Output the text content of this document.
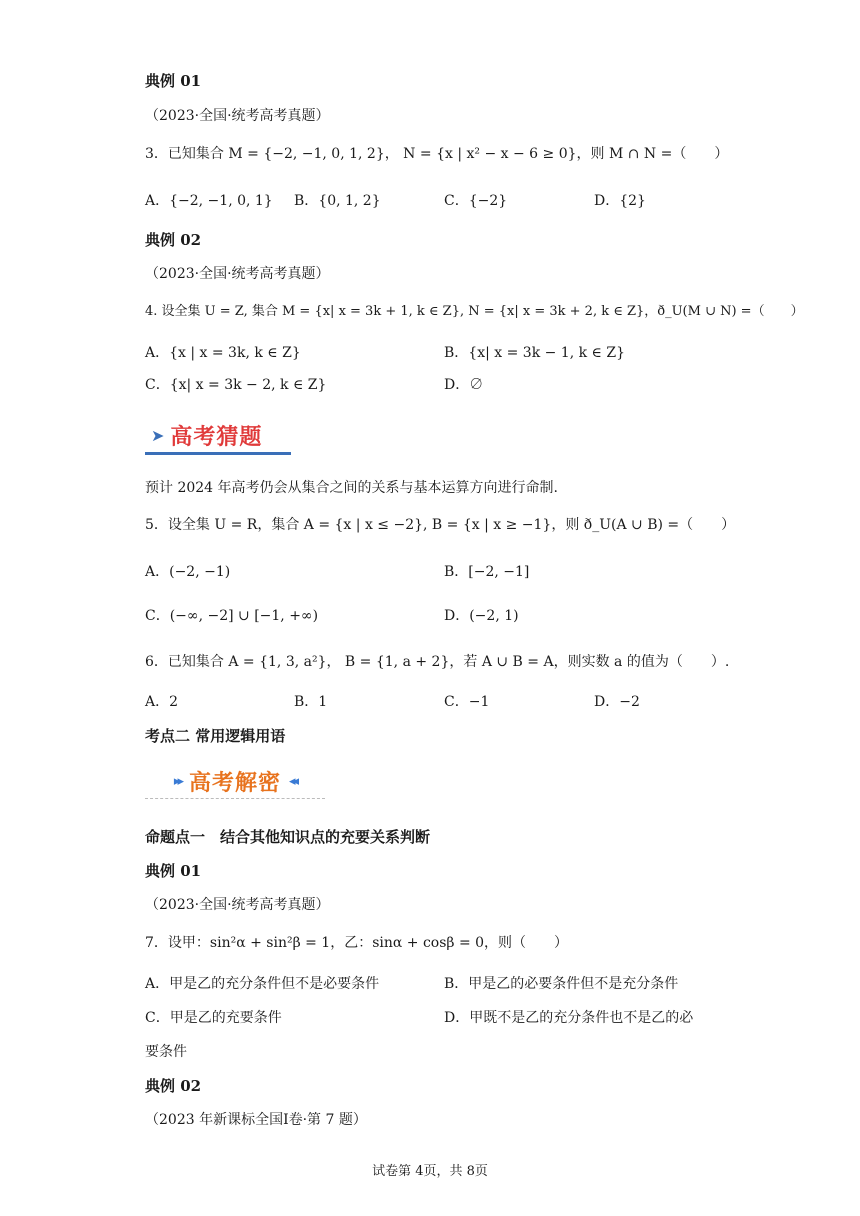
典例 01
（2023·全国·统考高考真题）
3．已知集合 M = {−2, −1, 0, 1, 2}， N = {x | x² − x − 6 ≥ 0}，则 M ∩ N =（　　）
A．{−2, −1, 0, 1} B．{0, 1, 2}	C．{−2}	D．{2}
典例 02
（2023·全国·统考高考真题）
4. 设全集 U = Z, 集合 M = {x| x = 3k + 1, k ∈ Z}, N = {x| x = 3k + 2, k ∈ Z}，ð_U(M ∪ N) =（　　）
A．{x | x = 3k, k ∈ Z}	B．{x| x = 3k − 1, k ∈ Z}
C．{x| x = 3k − 2, k ∈ Z}	D．∅
➤ 高考猜题
预计 2024 年高考仍会从集合之间的关系与基本运算方向进行命制.
5．设全集 U = R，集合 A = {x | x ≤ −2}, B = {x | x ≥ −1}，则 ð_U(A ∪ B) =（　　）
A．(−2, −1)	B．[−2, −1]
C．(−∞, −2] ∪ [−1, +∞)	D．(−2, 1)
6．已知集合 A = {1, 3, a²}， B = {1, a + 2}，若 A ∪ B = A，则实数 a 的值为（　　）.
A．2	B．1	C．−1	D．−2
考点二 常用逻辑用语
▸▸ 高考解密 ◂◂
命题点一　结合其他知识点的充要关系判断
典例 01
（2023·全国·统考高考真题）
7．设甲：sin²α + sin²β = 1，乙：sinα + cosβ = 0，则（　　）
A．甲是乙的充分条件但不是必要条件	B．甲是乙的必要条件但不是充分条件
C．甲是乙的充要条件	D．甲既不是乙的充分条件也不是乙的必
要条件
典例 02
（2023 年新课标全国Ⅰ卷·第 7 题）
试卷第 4页，共 8页
